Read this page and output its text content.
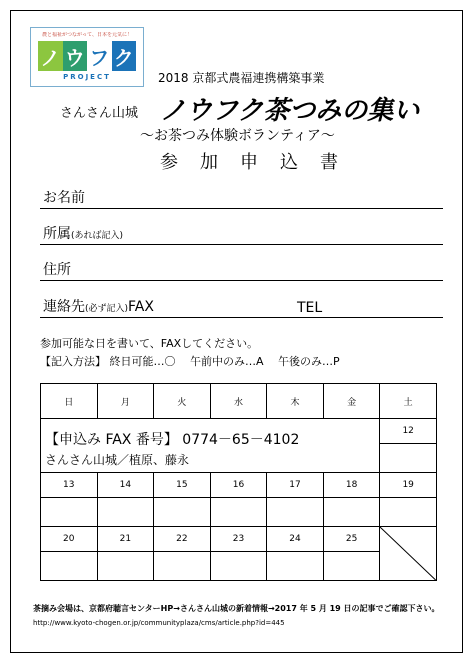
農と福祉がつながって、日本を元気に！
ノ ウ フ ク
PROJECT	2018 京都式農福連携構築事業
さんさん山城 ノウフク茶つみの集い
～お茶つみ体験ボランティア～
参加申込書
お名前
所属(あれば記入)
住所
連絡先(必ず記入)FAX	TEL
参加可能な日を書いて、FAXしてください。
【記入方法】 終日可能…〇　 午前中のみ…A　 午後のみ…P
日	月	火	水	木	金	土

【申込み FAX 番号】 0774－65－4102
さんさん山城／植原、藤永						12

13	14	15	16	17	18	19

20	21	22	23	24	25	

茶摘み会場は、京都府聴言センターHP→さんさん山城の新着情報→2017 年 5 月 19 日の記事でご確認下さい。
http://www.kyoto-chogen.or.jp/communityplaza/cms/article.php?id=445
